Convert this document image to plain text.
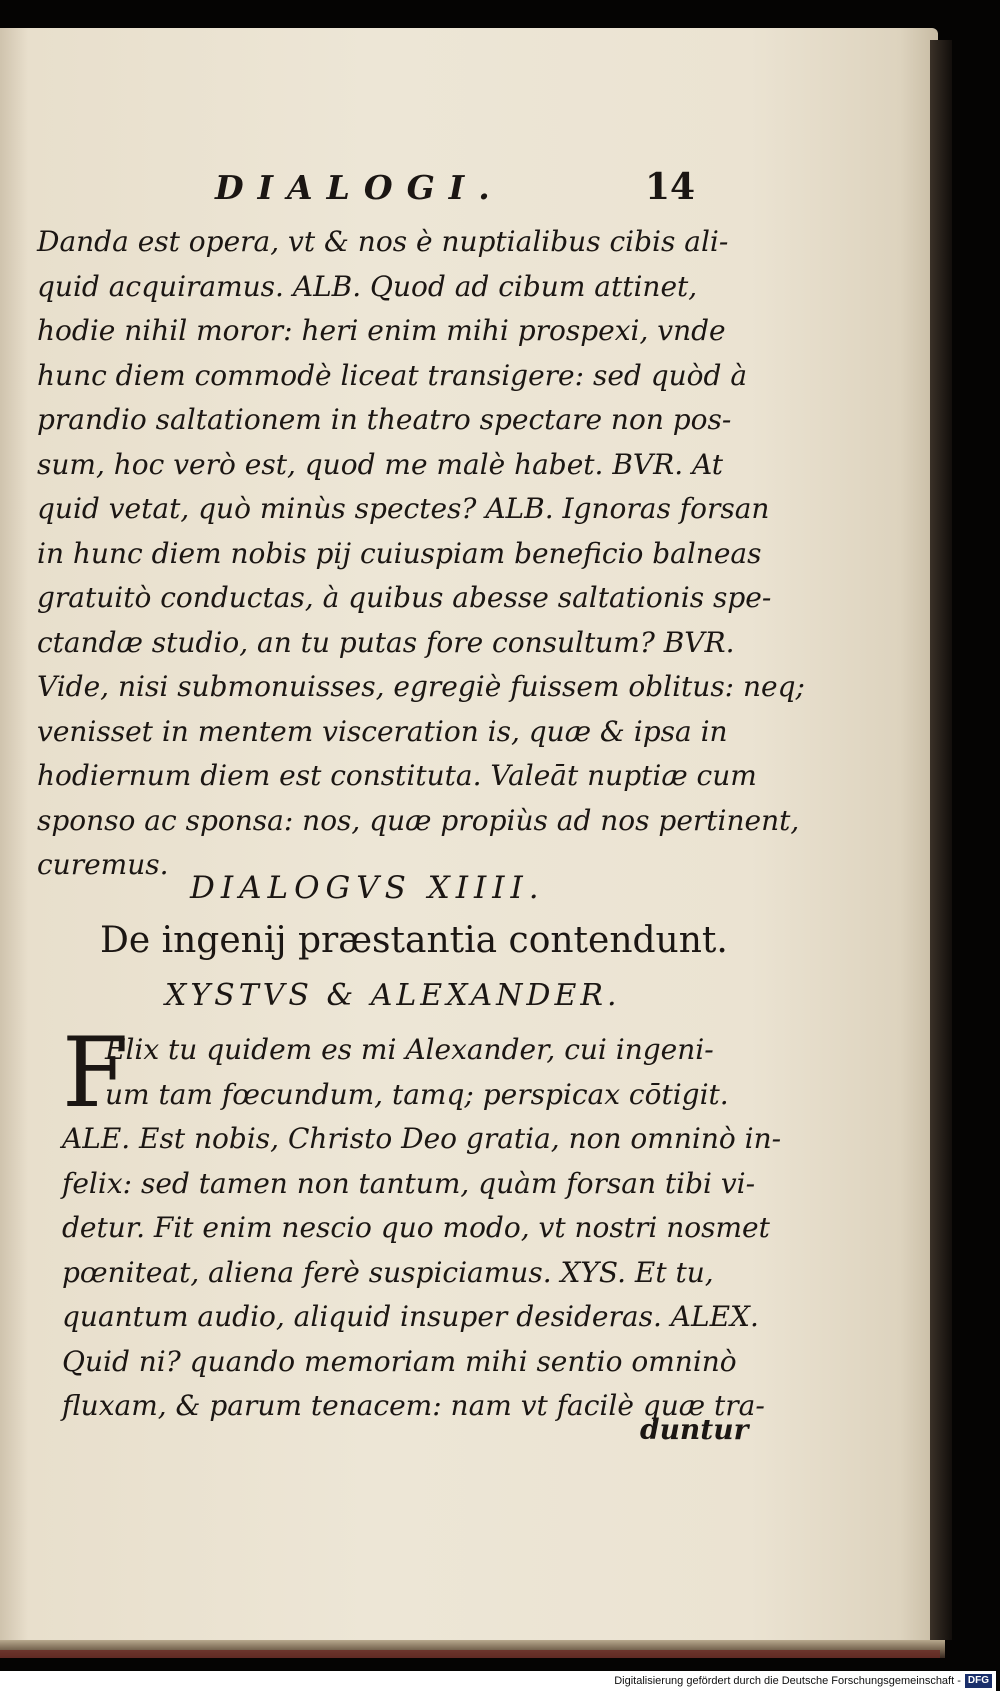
DIALOGI.	14
Danda est opera, vt & nos è nuptialibus cibis ali-
quid acquiramus. ALB. Quod ad cibum attinet,
hodie nihil moror: heri enim mihi prospexi, vnde
hunc diem commodè liceat transigere: sed quòd à
prandio saltationem in theatro spectare non pos-
sum, hoc verò est, quod me malè habet. BVR. At
quid vetat, quò minùs spectes? ALB. Ignoras forsan
in hunc diem nobis pij cuiuspiam beneficio balneas
gratuitò conductas, à quibus abesse saltationis spe-
ctandæ studio, an tu putas fore consultum? BVR.
Vide, nisi submonuisses, egregiè fuissem oblitus: neq;
venisset in mentem visceration is, quæ & ipsa in
hodiernum diem est constituta. Valeāt nuptiæ cum
sponso ac sponsa: nos, quæ propiùs ad nos pertinent,
curemus.
DIALOGVS XIIII.
De ingenij præstantia contendunt.
XYSTVS & ALEXANDER.
F
Elix tu quidem es mi Alexander, cui ingeni-
um tam fœcundum, tamq; perspicax cōtigit.
ALE. Est nobis, Christo Deo gratia, non omninò in-
felix: sed tamen non tantum, quàm forsan tibi vi-
detur. Fit enim nescio quo modo, vt nostri nosmet
pœniteat, aliena ferè suspiciamus. XYS. Et tu,
quantum audio, aliquid insuper desideras. ALEX.
Quid ni? quando memoriam mihi sentio omninò
fluxam, & parum tenacem: nam vt facilè quæ tra-
duntur
Digitalisierung gefördert durch die Deutsche Forschungsgemeinschaft - DFG
